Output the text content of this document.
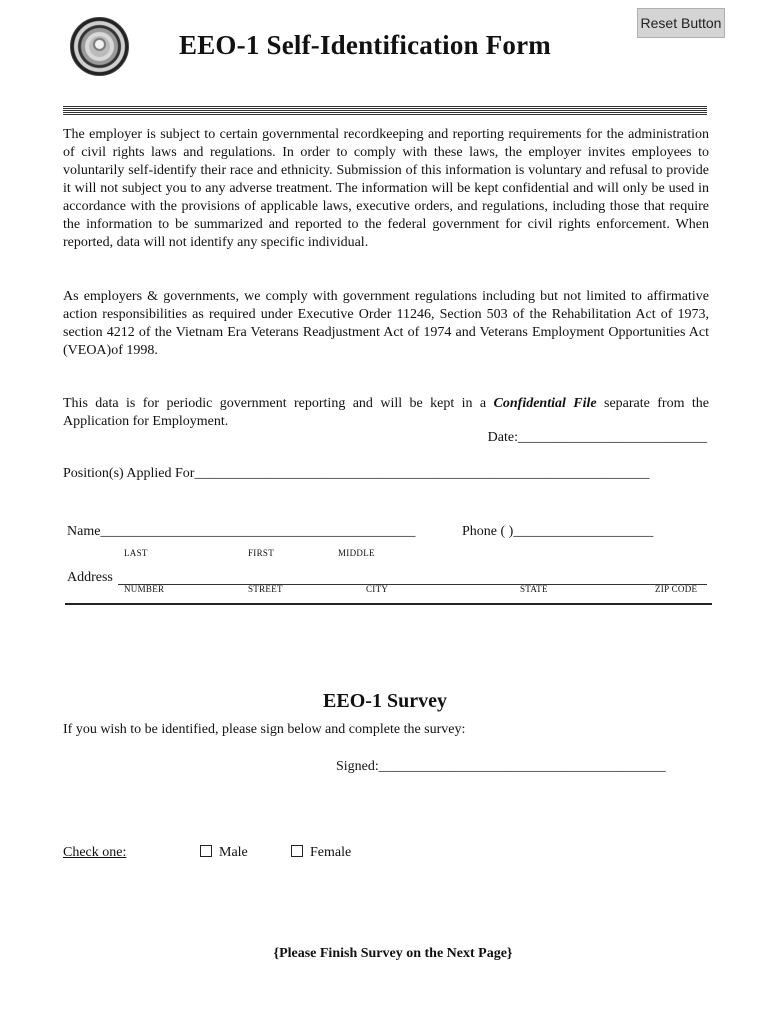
EEO-1 Self-Identification Form
Reset Button
The employer is subject to certain governmental recordkeeping and reporting requirements for the administration of civil rights laws and regulations. In order to comply with these laws, the employer invites employees to voluntarily self-identify their race and ethnicity. Submission of this information is voluntary and refusal to provide it will not subject you to any adverse treatment. The information will be kept confidential and will only be used in accordance with the provisions of applicable laws, executive orders, and regulations, including those that require the information to be summarized and reported to the federal government for civil rights enforcement. When reported, data will not identify any specific individual.
As employers & governments, we comply with government regulations including but not limited to affirmative action responsibilities as required under Executive Order 11246, Section 503 of the Rehabilitation Act of 1973, section 4212 of the Vietnam Era Veterans Readjustment Act of 1974 and Veterans Employment Opportunities Act (VEOA)of 1998.
This data is for periodic government reporting and will be kept in a Confidential File separate from the Application for Employment.
Date:___________________________
Position(s) Applied For_________________________________________________________________
Name_____________________________________________	Phone ( )____________________
LAST	FIRST	MIDDLE
Address
NUMBER	STREET	CITY	STATE	ZIP CODE
EEO-1 Survey
If you wish to be identified, please sign below and complete the survey:
Signed:_________________________________________
Check one:	Male	Female
{Please Finish Survey on the Next Page}
